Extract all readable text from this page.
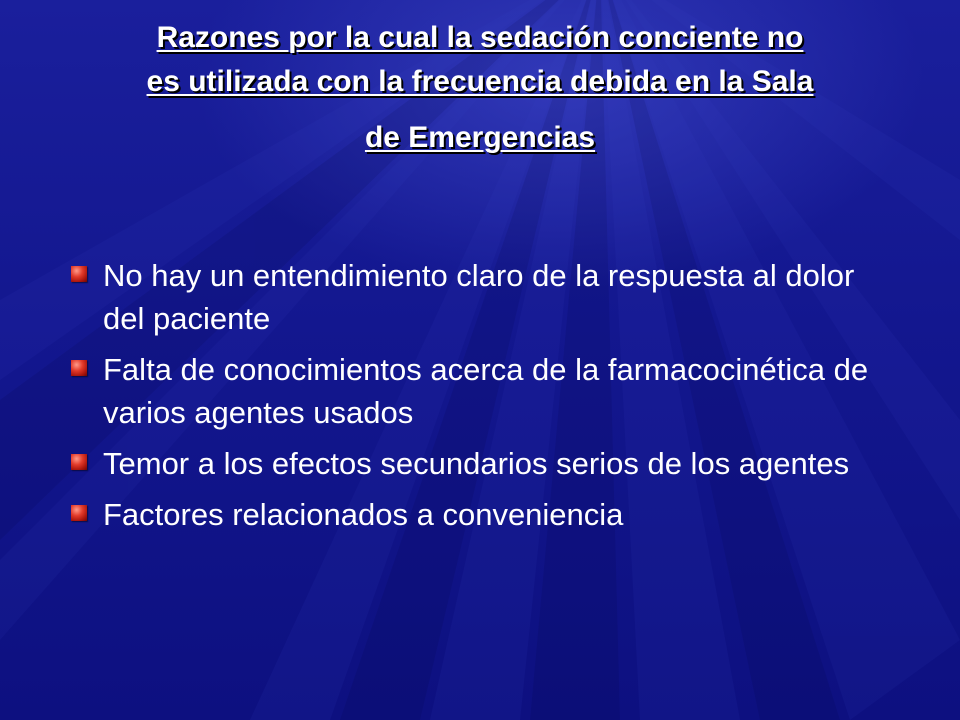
Razones por la cual la sedación conciente no
es utilizada con la frecuencia debida en la Sala
de Emergencias
No hay un entendimiento claro de la respuesta al dolor del paciente
Falta de conocimientos acerca de la farmacocinética de varios agentes usados
Temor a los efectos secundarios serios de los agentes
Factores relacionados a conveniencia
